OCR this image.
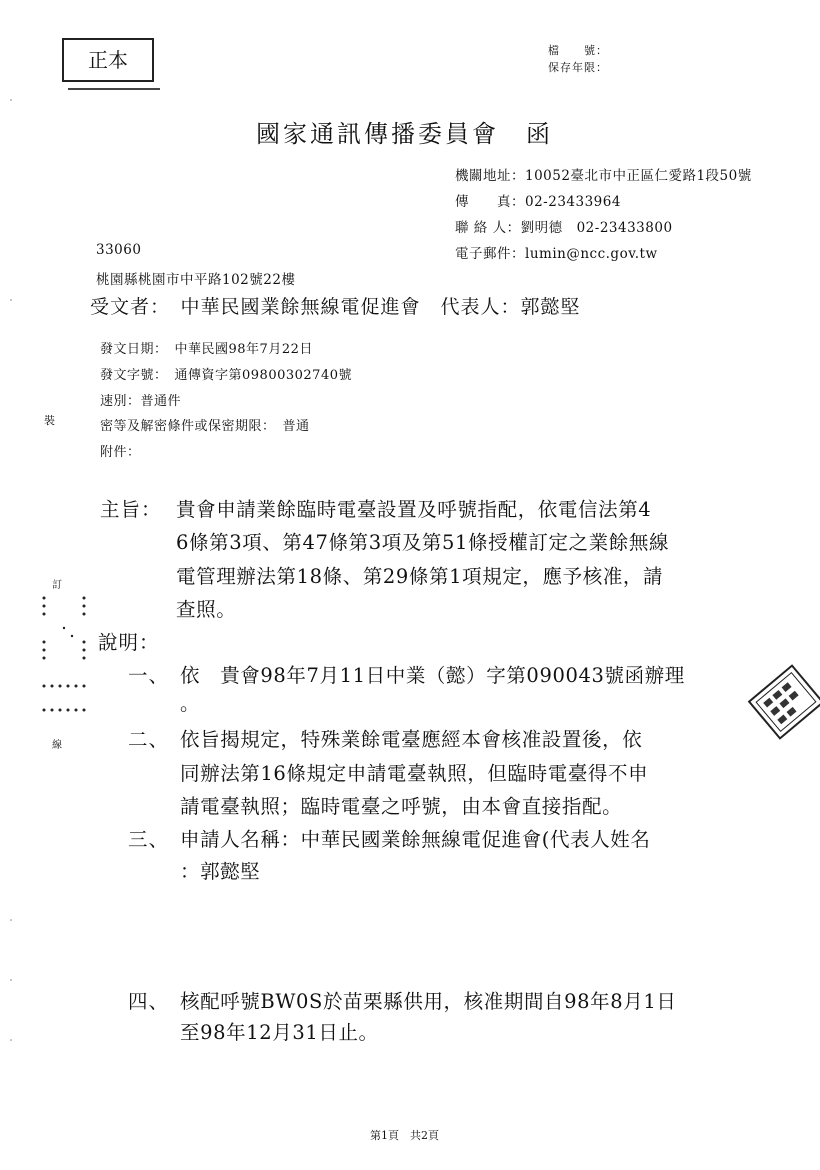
正本	檔　　號：
保存年限：
國家通訊傳播委員會　函
機關地址：10052臺北市中正區仁愛路1段50號
傳　　真：02-23433964
聯 絡 人：劉明德　02-23433800
電子郵件：lumin@ncc.gov.tw
33060
桃園縣桃園市中平路102號22樓
受文者：　中華民國業餘無線電促進會　代表人：郭懿堅
發文日期：　中華民國98年7月22日
發文字號：　通傳資字第09800302740號
速別：普通件
密等及解密條件或保密期限：　普通
附件：
主旨： 貴會申請業餘臨時電臺設置及呼號指配，依電信法第4
6條第3項、第47條第3項及第51條授權訂定之業餘無線
電管理辦法第18條、第29條第1項規定，應予核准，請
查照。
說明：
一、 依　貴會98年7月11日中業（懿）字第090043號函辦理
。
二、 依旨揭規定，特殊業餘電臺應經本會核准設置後，依
同辦法第16條規定申請電臺執照，但臨時電臺得不申
請電臺執照；臨時電臺之呼號，由本會直接指配。
三、 申請人名稱：中華民國業餘無線電促進會(代表人姓名
：郭懿堅
四、 核配呼號BW0S於苗栗縣供用，核准期間自98年8月1日
至98年12月31日止。
裝
訂
線
第1頁　共2頁
